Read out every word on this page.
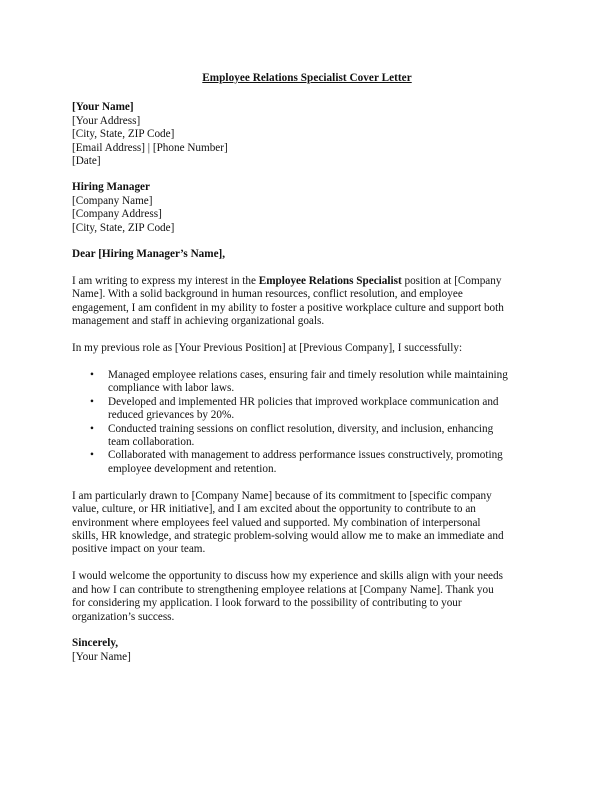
Employee Relations Specialist Cover Letter
[Your Name]
[Your Address]
[City, State, ZIP Code]
[Email Address] | [Phone Number]
[Date]
Hiring Manager
[Company Name]
[Company Address]
[City, State, ZIP Code]
Dear [Hiring Manager’s Name],
I am writing to express my interest in the Employee Relations Specialist position at [Company
Name]. With a solid background in human resources, conflict resolution, and employee
engagement, I am confident in my ability to foster a positive workplace culture and support both
management and staff in achieving organizational goals.
In my previous role as [Your Previous Position] at [Previous Company], I successfully:
• Managed employee relations cases, ensuring fair and timely resolution while maintaining
compliance with labor laws.
• Developed and implemented HR policies that improved workplace communication and
reduced grievances by 20%.
• Conducted training sessions on conflict resolution, diversity, and inclusion, enhancing
team collaboration.
• Collaborated with management to address performance issues constructively, promoting
employee development and retention.
I am particularly drawn to [Company Name] because of its commitment to [specific company
value, culture, or HR initiative], and I am excited about the opportunity to contribute to an
environment where employees feel valued and supported. My combination of interpersonal
skills, HR knowledge, and strategic problem-solving would allow me to make an immediate and
positive impact on your team.
I would welcome the opportunity to discuss how my experience and skills align with your needs
and how I can contribute to strengthening employee relations at [Company Name]. Thank you
for considering my application. I look forward to the possibility of contributing to your
organization’s success.
Sincerely,
[Your Name]
